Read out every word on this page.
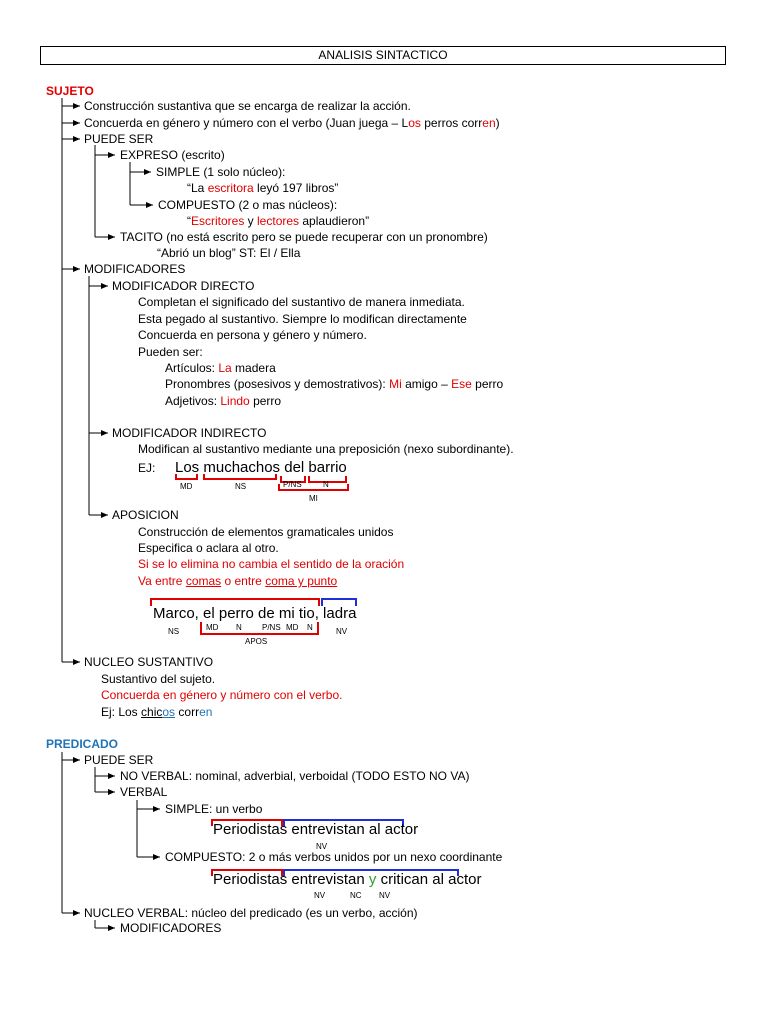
ANALISIS SINTACTICO
SUJETO
Construcción sustantiva que se encarga de realizar la acción.
Concuerda en género y número con el verbo (Juan juega – Los perros corren)
PUEDE SER
EXPRESO (escrito)
SIMPLE (1 solo núcleo):
“La escritora leyó 197 libros”
COMPUESTO (2 o mas núcleos):
“Escritores y lectores aplaudieron”
TACITO (no está escrito pero se puede recuperar con un pronombre)
“Abrió un blog” ST: El / Ella
MODIFICADORES
MODIFICADOR DIRECTO
Completan el significado del sustantivo de manera inmediata.
Esta pegado al sustantivo. Siempre lo modifican directamente
Concuerda en persona y género y número.
Pueden ser:
Artículos: La madera
Pronombres (posesivos y demostrativos): Mi amigo – Ese perro
Adjetivos: Lindo perro
MODIFICADOR INDIRECTO
Modifican al sustantivo mediante una preposición (nexo subordinante).
EJ: Los muchachos del barrio
MD	NS	P/NS	N
MI
APOSICION
Construcción de elementos gramaticales unidos
Especifica o aclara al otro.
Si se lo elimina no cambia el sentido de la oración
Va entre comas o entre coma y punto
Marco, el perro de mi tio, ladra
NS	MD N	P/NS MD N	NV
APOS
NUCLEO SUSTANTIVO
Sustantivo del sujeto.
Concuerda en género y número con el verbo.
Ej: Los chicos corren
PREDICADO
PUEDE SER
NO VERBAL: nominal, adverbial, verboidal (TODO ESTO NO VA)
VERBAL
SIMPLE: un verbo
Periodistas entrevistan al actor
NV
COMPUESTO: 2 o más verbos unidos por un nexo coordinante
Periodistas entrevistan y critican al actor
NV	NC NV
NUCLEO VERBAL: núcleo del predicado (es un verbo, acción)
MODIFICADORES
